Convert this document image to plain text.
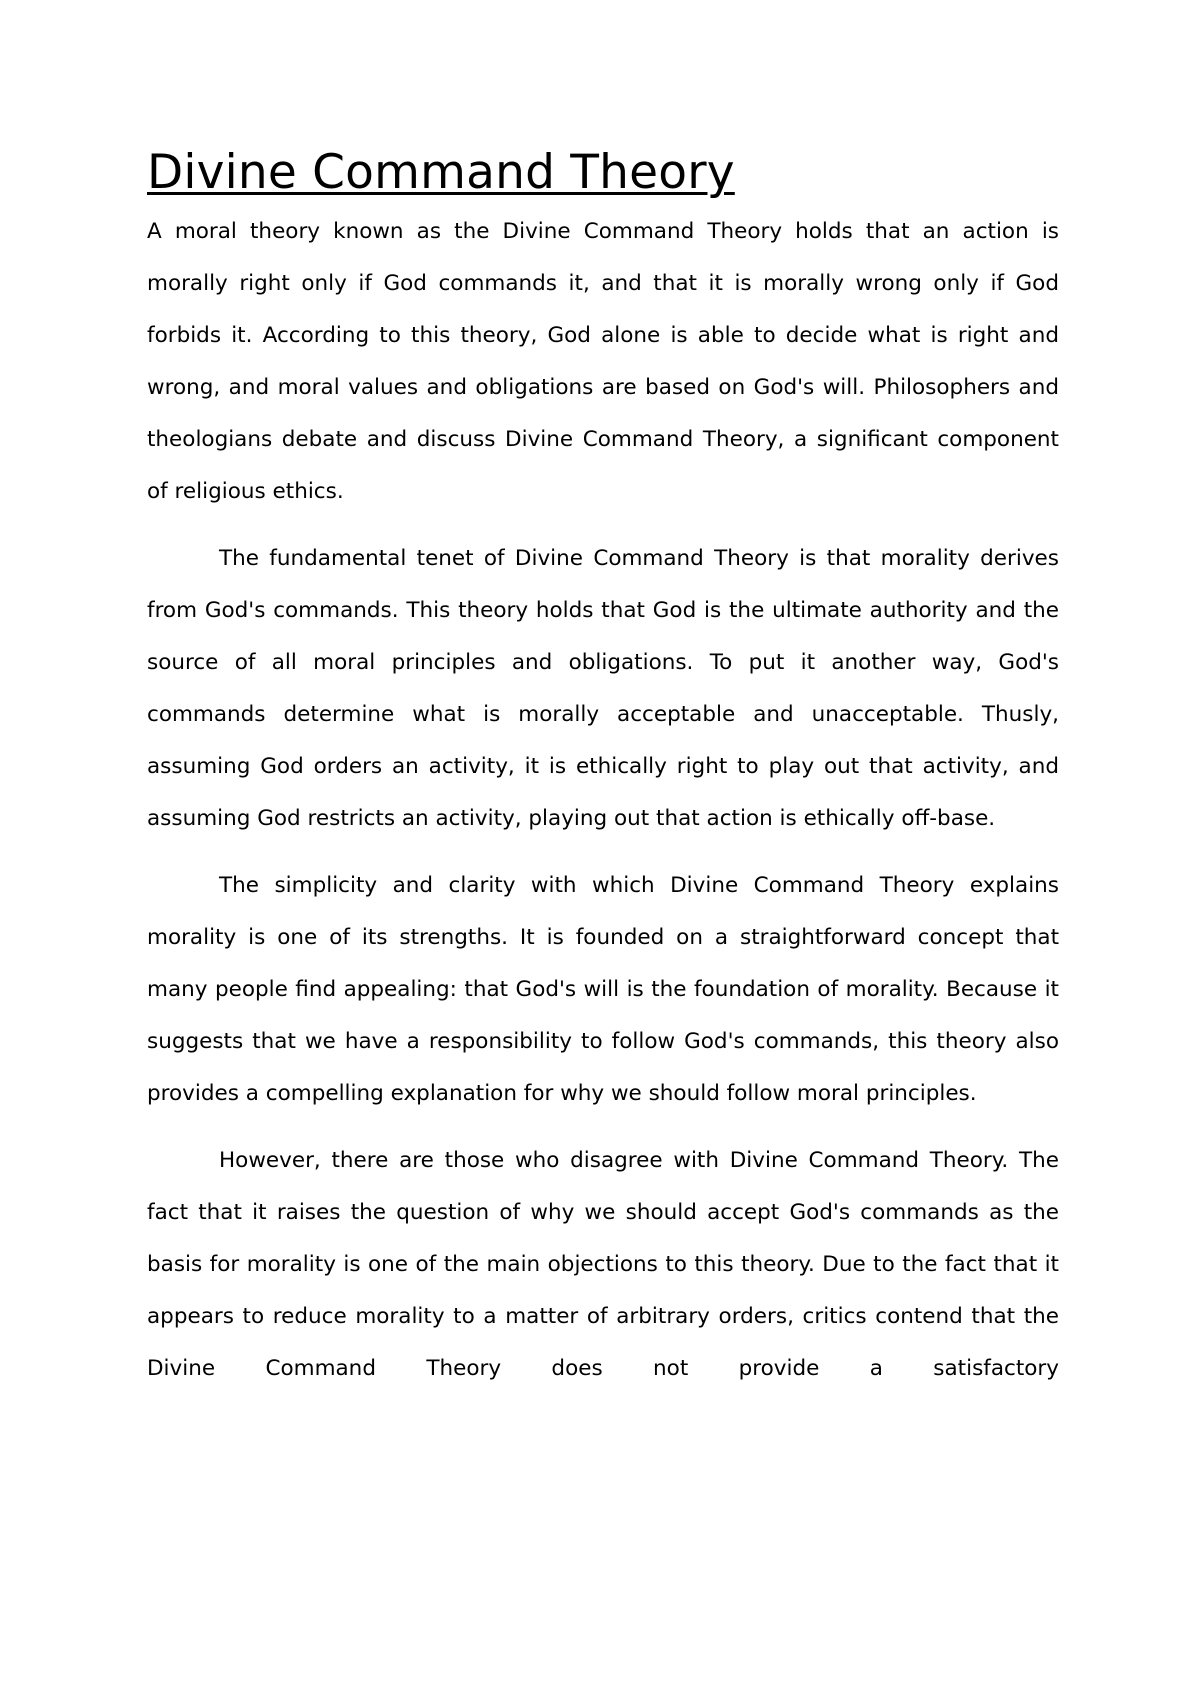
Divine Command Theory

A moral theory known as the Divine Command Theory holds that an action is morally right only if God commands it, and that it is morally wrong only if God forbids it. According to this theory, God alone is able to decide what is right and wrong, and moral values and obligations are based on God's will. Philosophers and theologians debate and discuss Divine Command Theory, a significant component of religious ethics.

The fundamental tenet of Divine Command Theory is that morality derives from God's commands. This theory holds that God is the ultimate authority and the source of all moral principles and obligations. To put it another way, God's commands determine what is morally acceptable and unacceptable. Thusly, assuming God orders an activity, it is ethically right to play out that activity, and assuming God restricts an activity, playing out that action is ethically off-base.

The simplicity and clarity with which Divine Command Theory explains morality is one of its strengths. It is founded on a straightforward concept that many people find appealing: that God's will is the foundation of morality. Because it suggests that we have a responsibility to follow God's commands, this theory also provides a compelling explanation for why we should follow moral principles.

However, there are those who disagree with Divine Command Theory. The fact that it raises the question of why we should accept God's commands as the basis for morality is one of the main objections to this theory. Due to the fact that it appears to reduce morality to a matter of arbitrary orders, critics contend that the Divine Command Theory does not provide a satisfactory
